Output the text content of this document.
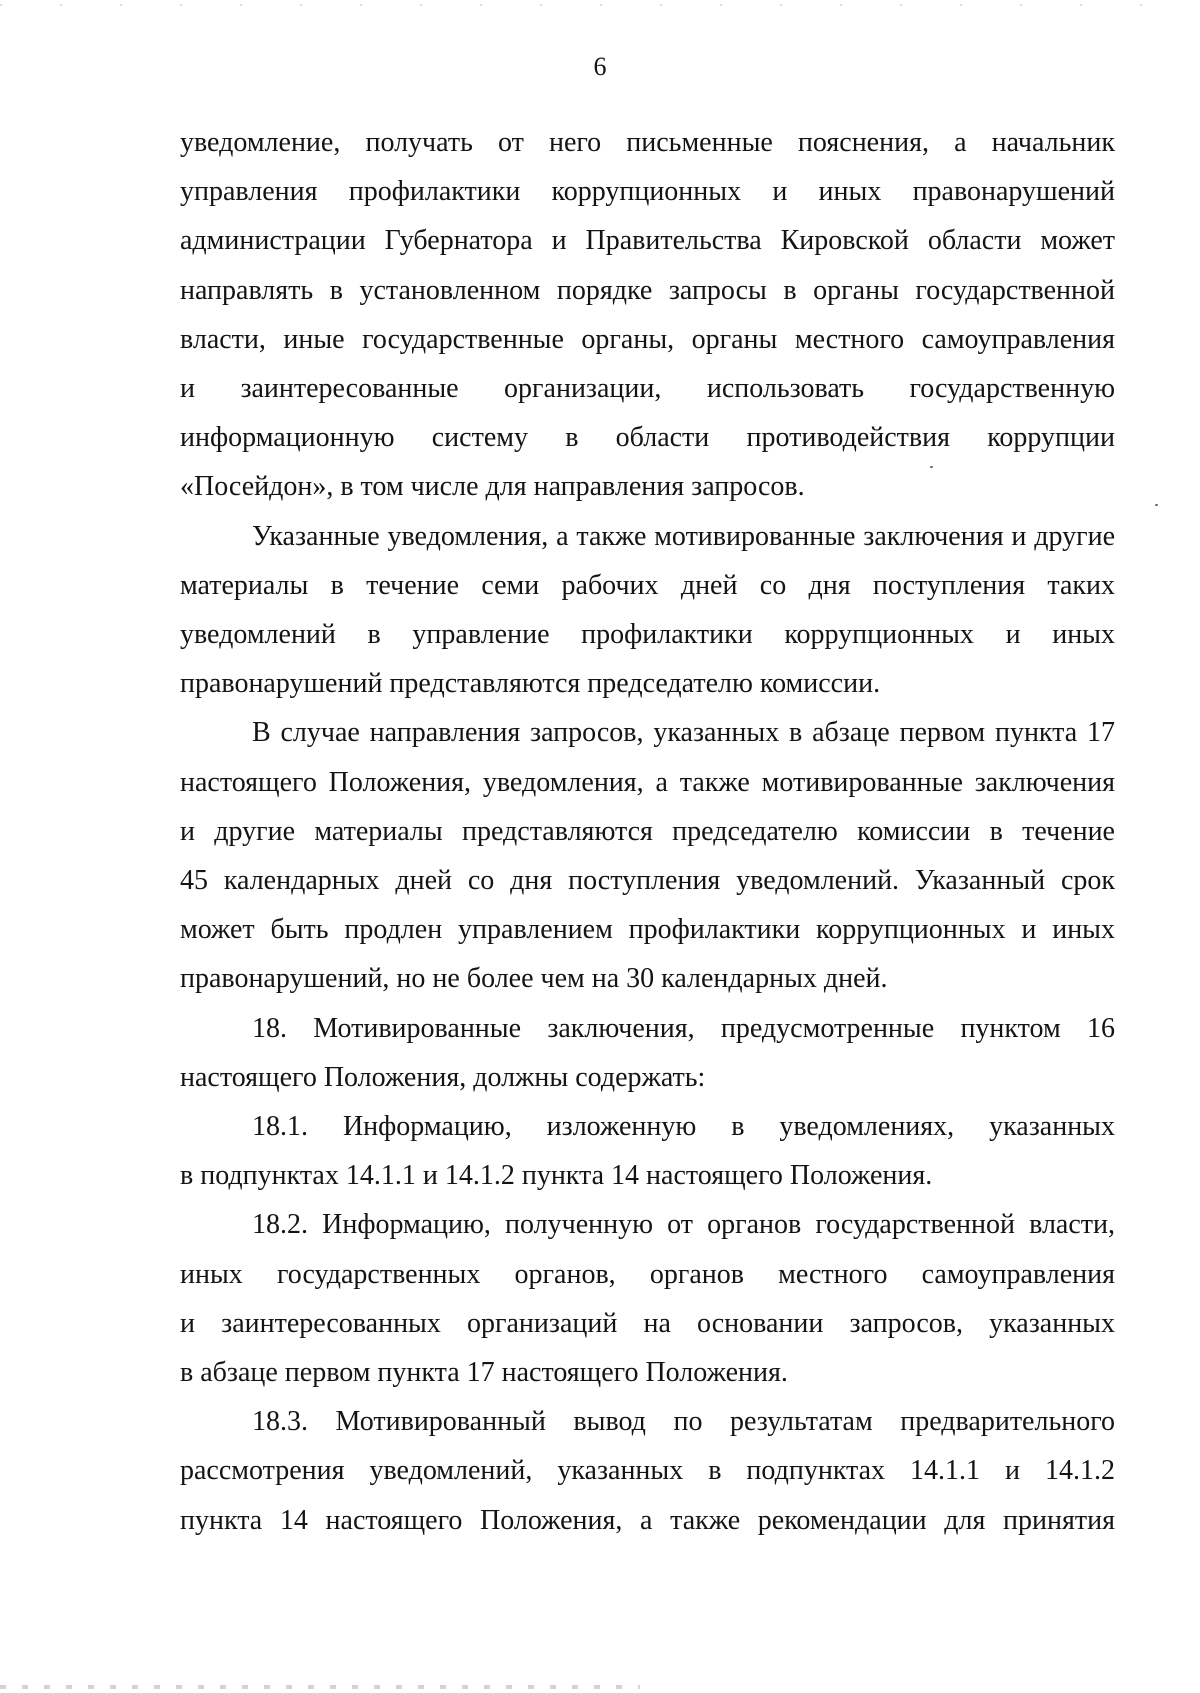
6

уведомление, получать от него письменные пояснения, а начальник
управления профилактики коррупционных и иных правонарушений
администрации Губернатора и Правительства Кировской области может
направлять в установленном порядке запросы в органы государственной
власти, иные государственные органы, органы местного самоуправления
и заинтересованные организации, использовать государственную
информационную систему в области противодействия коррупции
«Посейдон», в том числе для направления запросов.

Указанные уведомления, а также мотивированные заключения и другие
материалы в течение семи рабочих дней со дня поступления таких
уведомлений в управление профилактики коррупционных и иных
правонарушений представляются председателю комиссии.

В случае направления запросов, указанных в абзаце первом пункта 17
настоящего Положения, уведомления, а также мотивированные заключения
и другие материалы представляются председателю комиссии в течение
45 календарных дней со дня поступления уведомлений. Указанный срок
может быть продлен управлением профилактики коррупционных и иных
правонарушений, но не более чем на 30 календарных дней.

18. Мотивированные заключения, предусмотренные пунктом 16
настоящего Положения, должны содержать:

18.1. Информацию, изложенную в уведомлениях, указанных
в подпунктах 14.1.1 и 14.1.2 пункта 14 настоящего Положения.

18.2. Информацию, полученную от органов государственной власти,
иных государственных органов, органов местного самоуправления
и заинтересованных организаций на основании запросов, указанных
в абзаце первом пункта 17 настоящего Положения.

18.3. Мотивированный вывод по результатам предварительного
рассмотрения уведомлений, указанных в подпунктах 14.1.1 и 14.1.2
пункта 14 настоящего Положения, а также рекомендации для принятия
